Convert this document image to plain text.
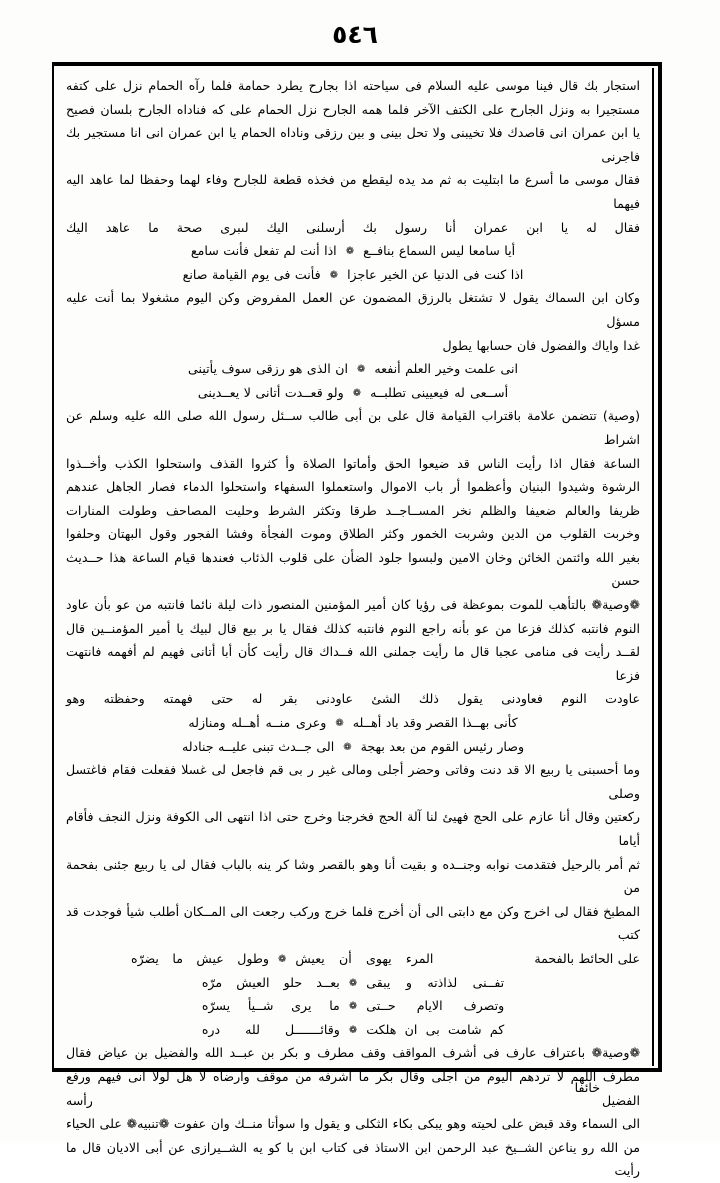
٥٤٦

استجار بك قال فينا موسى عليه السلام فى سياحته اذا بجارح يطرد حمامة فلما رآه الحمام نزل على كتفه

مستجيرا به ونزل الجارح على الكتف الآخر فلما همه الجارح نزل الحمام على كه فناداه الجارح بلسان فصيح

يا ابن عمران انى قاصدك فلا تخيبنى ولا تحل بينى و بين رزقى وناداه الحمام يا ابن عمران انى انا مستجير بك فاجرنى

فقال موسى ما أسرع ما ابتليت به ثم مد يده ليقطع من فخذه قطعة للجارح وفاء لهما وحفظا لما عاهد اليه فيهما

فقال له يا ابن عمران أنا رسول بك أرسلنى اليك لىبرى صحة ما عاهد اليك

أيا سامعا ليس السماع بنافــع
❁
اذا أنت لم تفعل فأنت سامع
اذا كنت فى الدنيا عن الخير عاجزا
❁
فأنت فى يوم القيامة صانع

وكان ابن السماك يقول لا تشتغل بالرزق المضمون عن العمل المفروض وكن اليوم مشغولا بما أنت عليه مسؤل

غدا واياك والفضول فان حسابها يطول

انى علمت وخير العلم أنفعه
❁
ان الذى هو رزقى سوف يأتينى
أســعى له فيعيينى تطلبــه
❁
ولو قعــدت أتانى لا يعــدينى

(وصية) تتضمن علامة باقتراب القيامة قال على بن أبى طالب ســئل رسول الله صلى الله عليه وسلم عن اشراط

الساعة فقال اذا رأيت الناس قد ضيعوا الحق وأماتوا الصلاة وأ كثروا القذف واستحلوا الكذب وأخــذوا

الرشوة وشيدوا البنيان وأعظموا أر باب الاموال واستعملوا السفهاء واستحلوا الدماء فصار الجاهل عندهم

ظريفا والعالم ضعيفا والظلم نخر المســاجــد طرقا وتكثر الشرط وحليت المصاحف وطولت المنارات

وخربت القلوب من الدين وشربت الخمور وكثر الطلاق وموت الفجأة وفشا الفجور وقول البهتان وحلفوا

بغير الله وائتمن الخائن وخان الامين ولبسوا جلود الضأن على قلوب الذئاب فعندها قيام الساعة هذا حــديث

حسن

❁وصية❁ بالتأهب للموت بموعظة فى رؤيا كان أمير المؤمنين المنصور ذات ليلة نائما فانتبه من عو بأن عاود

النوم فانتبه كذلك فزعا من عو بأنه راجع النوم فانتبه كذلك فقال يا بر بيع قال لبيك يا أمير المؤمنــين قال

لقــد رأيت فى منامى عجبا قال ما رأيت جملنى الله فــداك قال رأيت كأن أبا أتانى فهيم لم أفهمه فانتهت فزعا

عاودت النوم فعاودنى يقول ذلك الشئ عاودنى بقر له حتى فهمته وحفظته وهو

كأنى بهــذا القصر وقد باد أهــله
❁
وعرى منــه أهــله ومنازله
وصار رئيس القوم من بعد بهجة
❁
الى جــدث تبنى عليــه جنادله

وما أحسبنى يا ربيع الا قد دنت وفاتى وحضر أجلى ومالى غير ر بى قم فاجعل لى غسلا ففعلت فقام فاغتسل وصلى

ركعتين وقال أنا عازم على الحج فهيئ لنا آلة الحج فخرجنا وخرج حتى اذا انتهى الى الكوفة ونزل النجف فأقام أياما

ثم أمر بالرحيل فتقدمت نوابه وجنــده و بقيت أنا وهو بالقصر وشا كر ينه بالباب فقال لى يا ربيع جئنى بفحمة من

المطبخ فقال لى اخرج وكن مع دابتى الى أن أخرج فلما خرج وركب رجعت الى المــكان أطلب شيأ فوجدت قد كتب

على الحائط بالفحمة
المرء يهوى أن يعيش
❁
وطول عيش ما يضرّه
تفــنى لذاذته و يبقى
❁
بعــد حلو العيش مرّه
وتصرف الايام حــتى
❁
ما يرى شــيأ يسرّه
كم شامت بى ان هلكت
❁
وقائـــــــل لله دره

❁وصية❁ باعتراف عارف فى أشرف المواقف وقف مطرف و بكر بن عبــد الله والفضيل بن عياض فقال

مطرف اللهم لا تردهم اليوم من أجلى وقال بكر ما أشرفه من موقف وأرضاه لا هل لولا أنى فيهم ورفع الفضيل رأسه

الى السماء وقد قبض على لحيته وهو يبكى بكاء الثكلى و يقول وا سوأتا منــك وان عفوت ❁تنبيه❁ على الحياء

من الله رو يناعن الشــيخ عبد الرحمن ابن الاستاذ فى كتاب ابن با كو يه الشــيرازى عن أبى الاديان قال ما رأيت

خائفا
